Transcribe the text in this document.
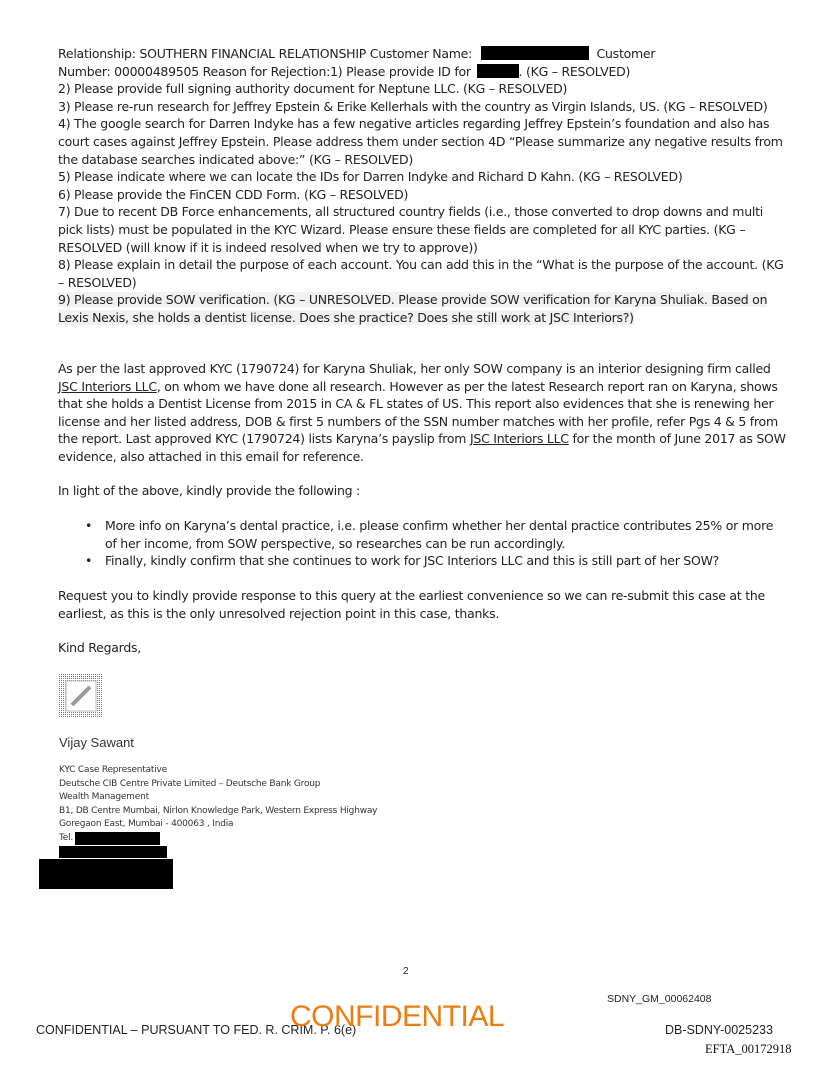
Relationship: SOUTHERN FINANCIAL RELATIONSHIP Customer Name:	Customer
Number: 00000489505 Reason for Rejection:1) Please provide ID for	. (KG – RESOLVED)
2) Please provide full signing authority document for Neptune LLC. (KG – RESOLVED)
3) Please re-run research for Jeffrey Epstein & Erike Kellerhals with the country as Virgin Islands, US. (KG – RESOLVED)
4) The google search for Darren Indyke has a few negative articles regarding Jeffrey Epstein’s foundation and also has
court cases against Jeffrey Epstein. Please address them under section 4D “Please summarize any negative results from
the database searches indicated above:” (KG – RESOLVED)
5) Please indicate where we can locate the IDs for Darren Indyke and Richard D Kahn. (KG – RESOLVED)
6) Please provide the FinCEN CDD Form. (KG – RESOLVED)
7) Due to recent DB Force enhancements, all structured country fields (i.e., those converted to drop downs and multi
pick lists) must be populated in the KYC Wizard. Please ensure these fields are completed for all KYC parties. (KG –
RESOLVED (will know if it is indeed resolved when we try to approve))
8) Please explain in detail the purpose of each account. You can add this in the “What is the purpose of the account. (KG
– RESOLVED)
9) Please provide SOW verification. (KG – UNRESOLVED. Please provide SOW verification for Karyna Shuliak. Based on
Lexis Nexis, she holds a dentist license. Does she practice? Does she still work at JSC Interiors?)
As per the last approved KYC (1790724) for Karyna Shuliak, her only SOW company is an interior designing firm called
JSC Interiors LLC, on whom we have done all research. However as per the latest Research report ran on Karyna, shows
that she holds a Dentist License from 2015 in CA & FL states of US. This report also evidences that she is renewing her
license and her listed address, DOB & first 5 numbers of the SSN number matches with her profile, refer Pgs 4 & 5 from
the report. Last approved KYC (1790724) lists Karyna’s payslip from JSC Interiors LLC for the month of June 2017 as SOW
evidence, also attached in this email for reference.
In light of the above, kindly provide the following :
• More info on Karyna’s dental practice, i.e. please confirm whether her dental practice contributes 25% or more
of her income, from SOW perspective, so researches can be run accordingly.
• Finally, kindly confirm that she continues to work for JSC Interiors LLC and this is still part of her SOW?
Request you to kindly provide response to this query at the earliest convenience so we can re-submit this case at the
earliest, as this is the only unresolved rejection point in this case, thanks.
Kind Regards,
Vijay Sawant
KYC Case Representative
Deutsche CIB Centre Private Limited – Deutsche Bank Group
Wealth Management
B1, DB Centre Mumbai, Nirlon Knowledge Park, Western Express Highway
Goregaon East, Mumbai - 400063 , India
Tel.
2
SDNY_GM_00062408
CONFIDENTIAL – PURSUANT TO FED. R. CRIM. P. 6(e)
CONFIDENTIAL	DB-SDNY-0025233
EFTA_00172918
